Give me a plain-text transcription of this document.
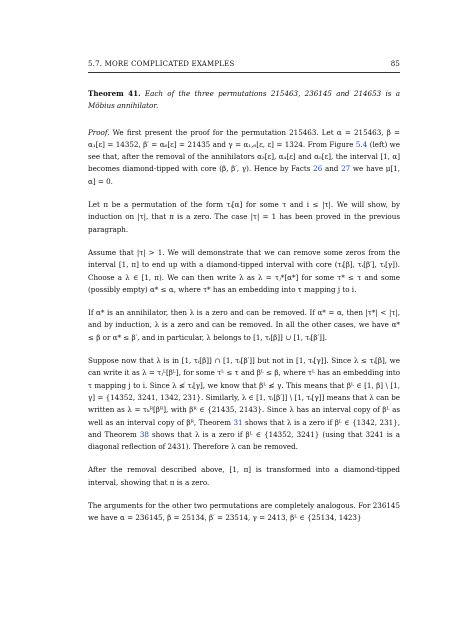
5.7. MORE COMPLICATED EXAMPLES	85

Theorem 41. Each of the three permutations 215463, 236145 and 214653 is a Möbius annihilator.

Proof. We first present the proof for the permutation 215463. Let α = 215463, β = α₁[ε] = 14352, β′ = α₆[ε] = 21435 and γ = α₁,₆[ε, ε] = 1324. From Figure 5.4 (left) we see that, after the removal of the annihilators α₃[ε], α₄[ε] and α₅[ε], the interval [1, α] becomes diamond-tipped with core (β, β′, γ). Hence by Facts 26 and 27 we have μ[1, α] = 0.

Let π be a permutation of the form τᵢ[α] for some τ and i ≤ |τ|. We will show, by induction on |τ|, that π is a zero. The case |τ| = 1 has been proved in the previous paragraph.

Assume that |τ| > 1. We will demonstrate that we can remove some zeros from the interval [1, π] to end up with a diamond-tipped interval with core (τᵢ[β], τᵢ[β′], τᵢ[γ]). Choose a λ ∈ [1, π). We can then write λ as λ = τⱼ*[α*] for some τ* ≤ τ and some (possibly empty) α* ≤ α, where τ* has an embedding into τ mapping j to i.

If α* is an annihilator, then λ is a zero and can be removed. If α* = α, then |τ*| < |τ|, and by induction, λ is a zero and can be removed. In all the other cases, we have α* ≤ β or α* ≤ β′, and in particular, λ belongs to [1, τᵢ[β]] ∪ [1, τᵢ[β′]].

Suppose now that λ is in [1, τᵢ[β]] ∩ [1, τᵢ[β′]] but not in [1, τᵢ[γ]]. Since λ ≤ τᵢ[β], we can write it as λ = τⱼᴸ[βᴸ], for some τᴸ ≤ τ and βᴸ ≤ β, where τᴸ has an embedding into τ mapping j to i. Since λ ≰ τᵢ[γ], we know that βᴸ ≰ γ. This means that βᴸ ∈ [1, β] \ [1, γ] = {14352, 3241, 1342, 231}. Similarly, λ ∈ [1, τᵢ[β′]] \ [1, τᵢ[γ]] means that λ can be written as λ = τₖᴿ[βᴿ], with βᴿ ∈ {21435, 2143}. Since λ has an interval copy of βᴸ as well as an interval copy of βᴿ, Theorem 31 shows that λ is a zero if βᴸ ∈ {1342, 231}, and Theorem 38 shows that λ is a zero if βᴸ ∈ {14352, 3241} (using that 3241 is a diagonal reflection of 2431). Therefore λ can be removed.

After the removal described above, [1, π] is transformed into a diamond-tipped interval, showing that π is a zero.

The arguments for the other two permutations are completely analogous. For 236145 we have α = 236145, β = 25134, β′ = 23514, γ = 2413, βᴸ ∈ {25134, 1423}
